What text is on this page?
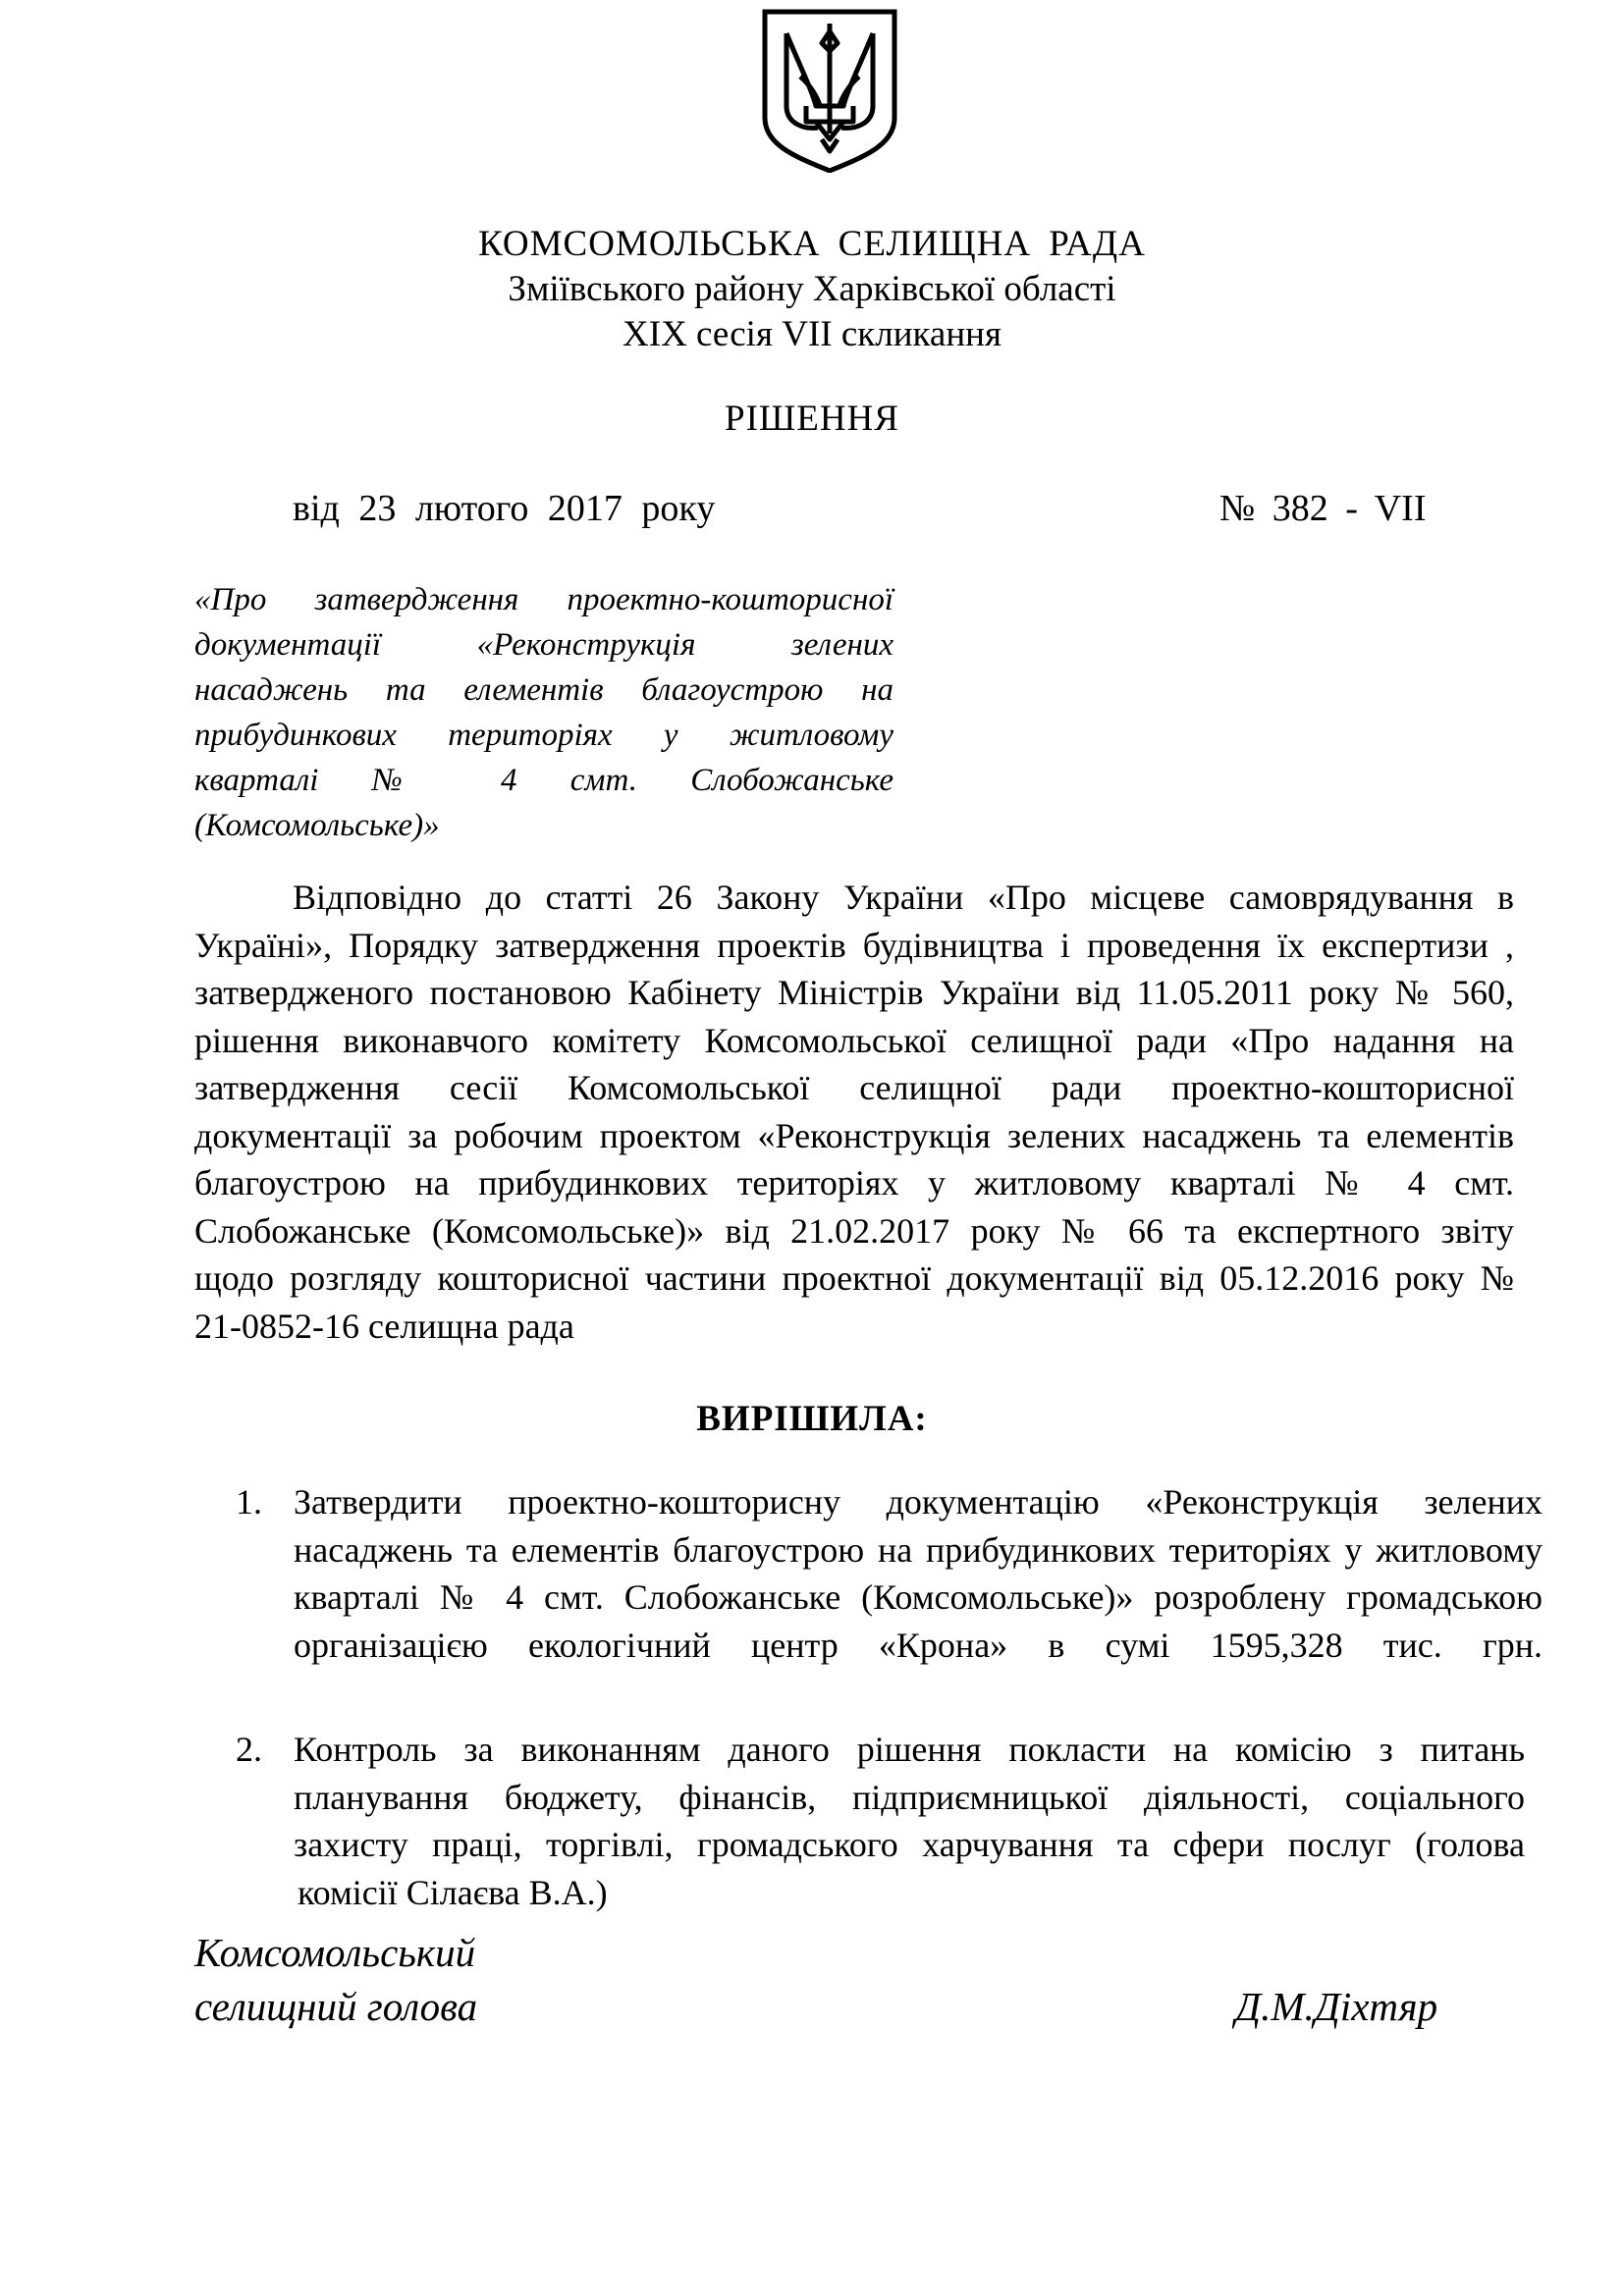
КОМСОМОЛЬСЬКА СЕЛИЩНА РАДА
Зміївського району Харківської області
XIX сесія VII скликання
РІШЕННЯ
від 23 лютого 2017 року	№ 382 - VII
«Про затвердження проектно-кошторисної
документації «Реконструкція зелених
насаджень та елементів благоустрою на
прибудинкових територіях у житловому
кварталі № 4 смт. Слобожанське
(Комсомольське)»
Відповідно до статті 26 Закону України «Про місцеве самоврядування в
Україні», Порядку затвердження проектів будівництва і проведення їх експертизи ,
затвердженого постановою Кабінету Міністрів України від 11.05.2011 року № 560,
рішення виконавчого комітету Комсомольської селищної ради «Про надання на
затвердження сесії Комсомольської селищної ради проектно-кошторисної
документації за робочим проектом «Реконструкція зелених насаджень та елементів
благоустрою на прибудинкових територіях у житловому кварталі № 4 смт.
Слобожанське (Комсомольське)» від 21.02.2017 року № 66 та експертного звіту
щодо розгляду кошторисної частини проектної документації від 05.12.2016 року №
21-0852-16 селищна рада
ВИРІШИЛА:
1. Затвердити проектно-кошторисну документацію «Реконструкція зелених
насаджень та елементів благоустрою на прибудинкових територіях у житловому
кварталі № 4 смт. Слобожанське (Комсомольське)» розроблену громадською
організацією екологічний центр «Крона» в сумі 1595,328 тис. грн.
2. Контроль за виконанням даного рішення покласти на комісію з питань
планування бюджету, фінансів, підприємницької діяльності, соціального
захисту праці, торгівлі, громадського харчування та сфери послуг (голова
комісії Сілаєва В.А.)
Комсомольський
селищний голова	Д.М.Діхтяр
